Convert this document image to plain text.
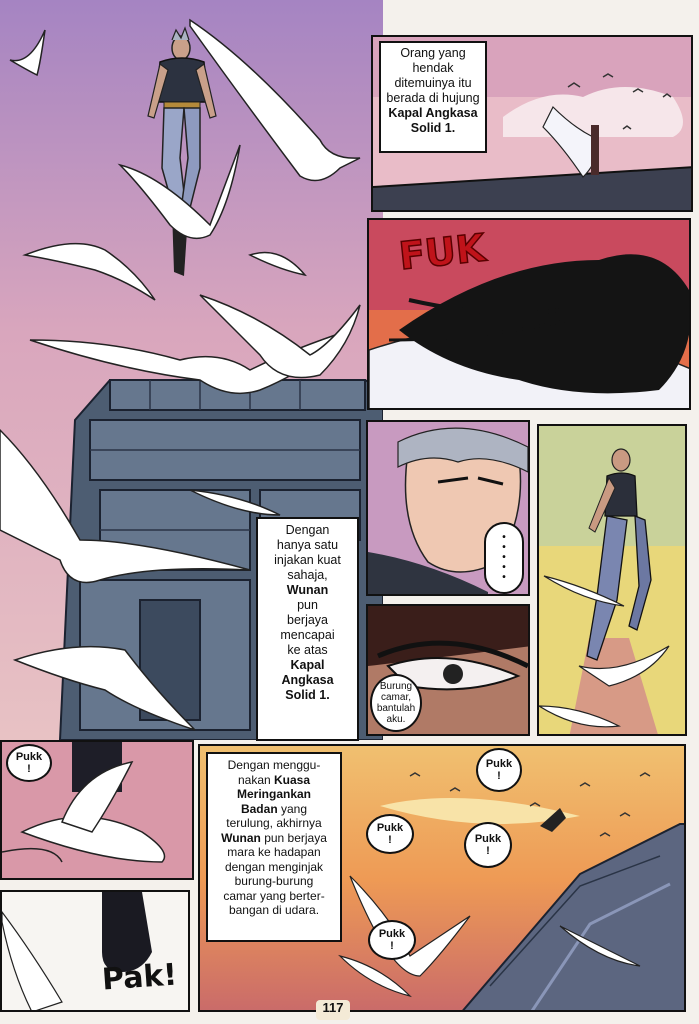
Orang yang
hendak
ditemuinya itu
berada di hujung
Kapal Angkasa
Solid 1.
FUK
•
•
•
•
•
Burung
camar,
bantulah
aku.
Dengan
hanya satu
injakan kuat
sahaja,
Wunan
pun
berjaya
mencapai
ke atas
Kapal
Angkasa
Solid 1.
Pukk
!
Pak!
Dengan menggu-
nakan Kuasa
Meringankan
Badan yang
terulung, akhirnya
Wunan pun berjaya
mara ke hadapan
dengan menginjak
burung-burung
camar yang berter-
bangan di udara.
Pukk
!
Pukk
!	Pukk
!
Pukk
!
117
